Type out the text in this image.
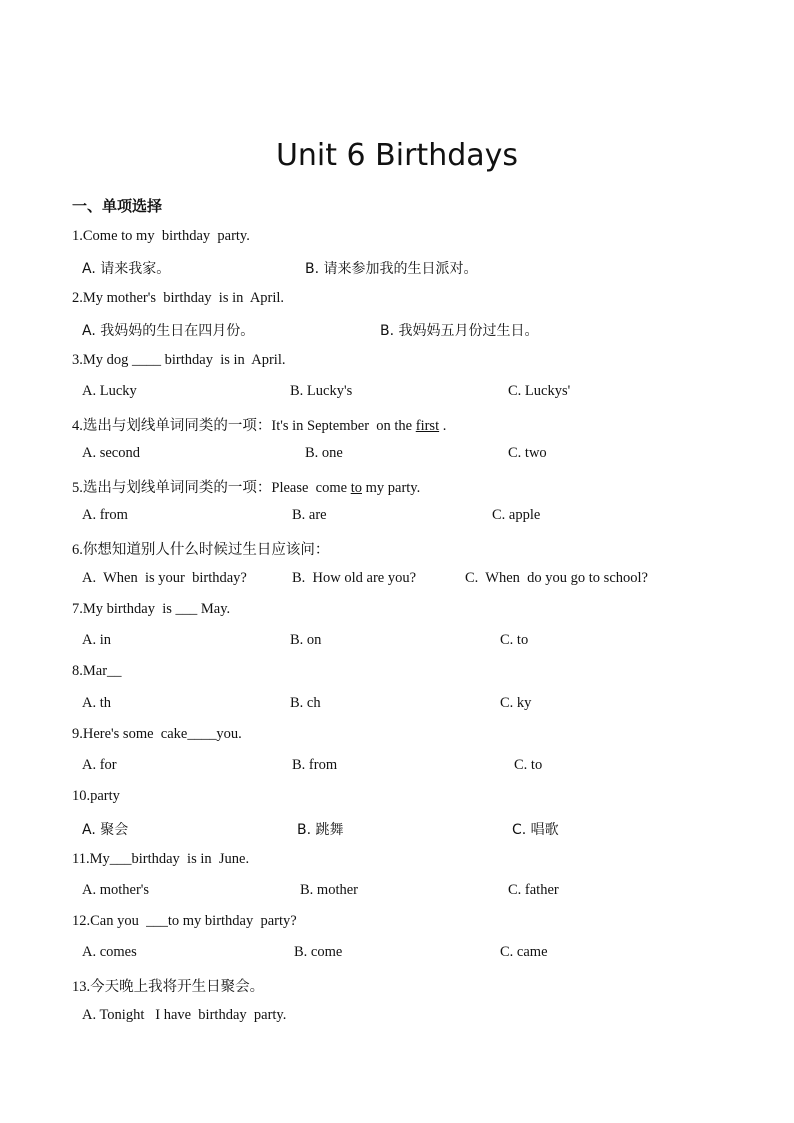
Unit 6 Birthdays
一、单项选择
1.Come to my  birthday  party.
A. 请来我家。	B. 请来参加我的生日派对。
2.My mother's  birthday  is in  April.
A. 我妈妈的生日在四月份。	B. 我妈妈五月份过生日。
3.My dog ____ birthday  is in  April.
A. Lucky	B. Lucky's	C. Luckys'
4.选出与划线单词同类的一项：It's in September  on the first .
A. second	B. one	C. two
5.选出与划线单词同类的一项：Please  come to my party.
A. from	B. are	C. apple
6.你想知道别人什么时候过生日应该问：
A.  When  is your  birthday?	B.  How old are you?	C.  When  do you go to school?
7.My birthday  is ___ May.
A. in	B. on	C. to
8.Mar__
A. th	B. ch	C. ky
9.Here's some  cake____you.
A. for	B. from	C. to
10.party
A. 聚会	B. 跳舞	C. 唱歌
11.My___birthday  is in  June.
A. mother's	B. mother	C. father
12.Can you  ___to my birthday  party?
A. comes	B. come	C. came
13.今天晚上我将开生日聚会。
A. Tonight   I have  birthday  party.
